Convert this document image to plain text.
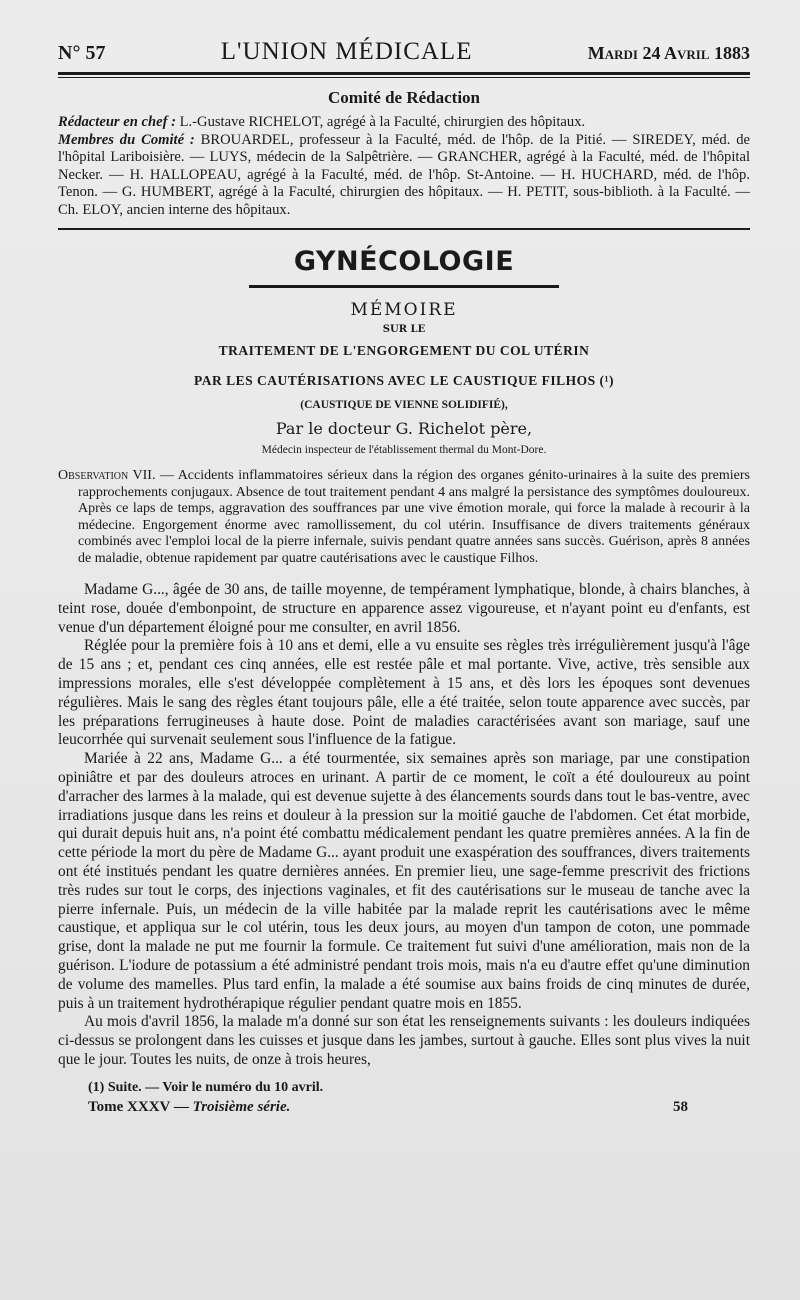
N° 57	L'UNION MÉDICALE	Mardi 24 Avril 1883
Comité de Rédaction
Rédacteur en chef : L.-Gustave RICHELOT, agrégé à la Faculté, chirurgien des hôpitaux.
Membres du Comité : BROUARDEL, professeur à la Faculté, méd. de l'hôp. de la Pitié. — SIREDEY, méd. de l'hôpital Lariboisière. — LUYS, médecin de la Salpêtrière. — GRANCHER, agrégé à la Faculté, méd. de l'hôpital Necker. — H. HALLOPEAU, agrégé à la Faculté, méd. de l'hôp. St-Antoine. — H. HUCHARD, méd. de l'hôp. Tenon. — G. HUMBERT, agrégé à la Faculté, chirurgien des hôpitaux. — H. PETIT, sous-biblioth. à la Faculté. — Ch. ELOY, ancien interne des hôpitaux.
GYNÉCOLOGIE
MÉMOIRE
SUR LE
TRAITEMENT DE L'ENGORGEMENT DU COL UTÉRIN
PAR LES CAUTÉRISATIONS AVEC LE CAUSTIQUE FILHOS (¹)
(CAUSTIQUE DE VIENNE SOLIDIFIÉ),
Par le docteur G. Richelot père,
Médecin inspecteur de l'établissement thermal du Mont-Dore.
Observation VII. — Accidents inflammatoires sérieux dans la région des organes génito-urinaires à la suite des premiers rapprochements conjugaux. Absence de tout traitement pendant 4 ans malgré la persistance des symptômes douloureux. Après ce laps de temps, aggravation des souffrances par une vive émotion morale, qui force la malade à recourir à la médecine. Engorgement énorme avec ramollissement, du col utérin. Insuffisance de divers traitements généraux combinés avec l'emploi local de la pierre infernale, suivis pendant quatre années sans succès. Guérison, après 8 années de maladie, obtenue rapidement par quatre cautérisations avec le caustique Filhos.

Madame G..., âgée de 30 ans, de taille moyenne, de tempérament lymphatique, blonde, à chairs blanches, à teint rose, douée d'embonpoint, de structure en apparence assez vigoureuse, et n'ayant point eu d'enfants, est venue d'un département éloigné pour me consulter, en avril 1856.

Réglée pour la première fois à 10 ans et demi, elle a vu ensuite ses règles très irrégulièrement jusqu'à l'âge de 15 ans ; et, pendant ces cinq années, elle est restée pâle et mal portante. Vive, active, très sensible aux impressions morales, elle s'est développée complètement à 15 ans, et dès lors les époques sont devenues régulières. Mais le sang des règles étant toujours pâle, elle a été traitée, selon toute apparence avec succès, par les préparations ferrugineuses à haute dose. Point de maladies caractérisées avant son mariage, sauf une leucorrhée qui survenait seulement sous l'influence de la fatigue.

Mariée à 22 ans, Madame G... a été tourmentée, six semaines après son mariage, par une constipation opiniâtre et par des douleurs atroces en urinant. A partir de ce moment, le coït a été douloureux au point d'arracher des larmes à la malade, qui est devenue sujette à des élancements sourds dans tout le bas-ventre, avec irradiations jusque dans les reins et douleur à la pression sur la moitié gauche de l'abdomen. Cet état morbide, qui durait depuis huit ans, n'a point été combattu médicalement pendant les quatre premières années. A la fin de cette période la mort du père de Madame G... ayant produit une exaspération des souffrances, divers traitements ont été institués pendant les quatre dernières années. En premier lieu, une sage-femme prescrivit des frictions très rudes sur tout le corps, des injections vaginales, et fit des cautérisations sur le museau de tanche avec la pierre infernale. Puis, un médecin de la ville habitée par la malade reprit les cautérisations avec le même caustique, et appliqua sur le col utérin, tous les deux jours, au moyen d'un tampon de coton, une pommade grise, dont la malade ne put me fournir la formule. Ce traitement fut suivi d'une amélioration, mais non de la guérison. L'iodure de potassium a été administré pendant trois mois, mais n'a eu d'autre effet qu'une diminution de volume des mamelles. Plus tard enfin, la malade a été soumise aux bains froids de cinq minutes de durée, puis à un traitement hydrothérapique régulier pendant quatre mois en 1855.

Au mois d'avril 1856, la malade m'a donné sur son état les renseignements suivants : les douleurs indiquées ci-dessus se prolongent dans les cuisses et jusque dans les jambes, surtout à gauche. Elles sont plus vives la nuit que le jour. Toutes les nuits, de onze à trois heures,

(1) Suite. — Voir le numéro du 10 avril.
Tome XXXV — Troisième série.	58
